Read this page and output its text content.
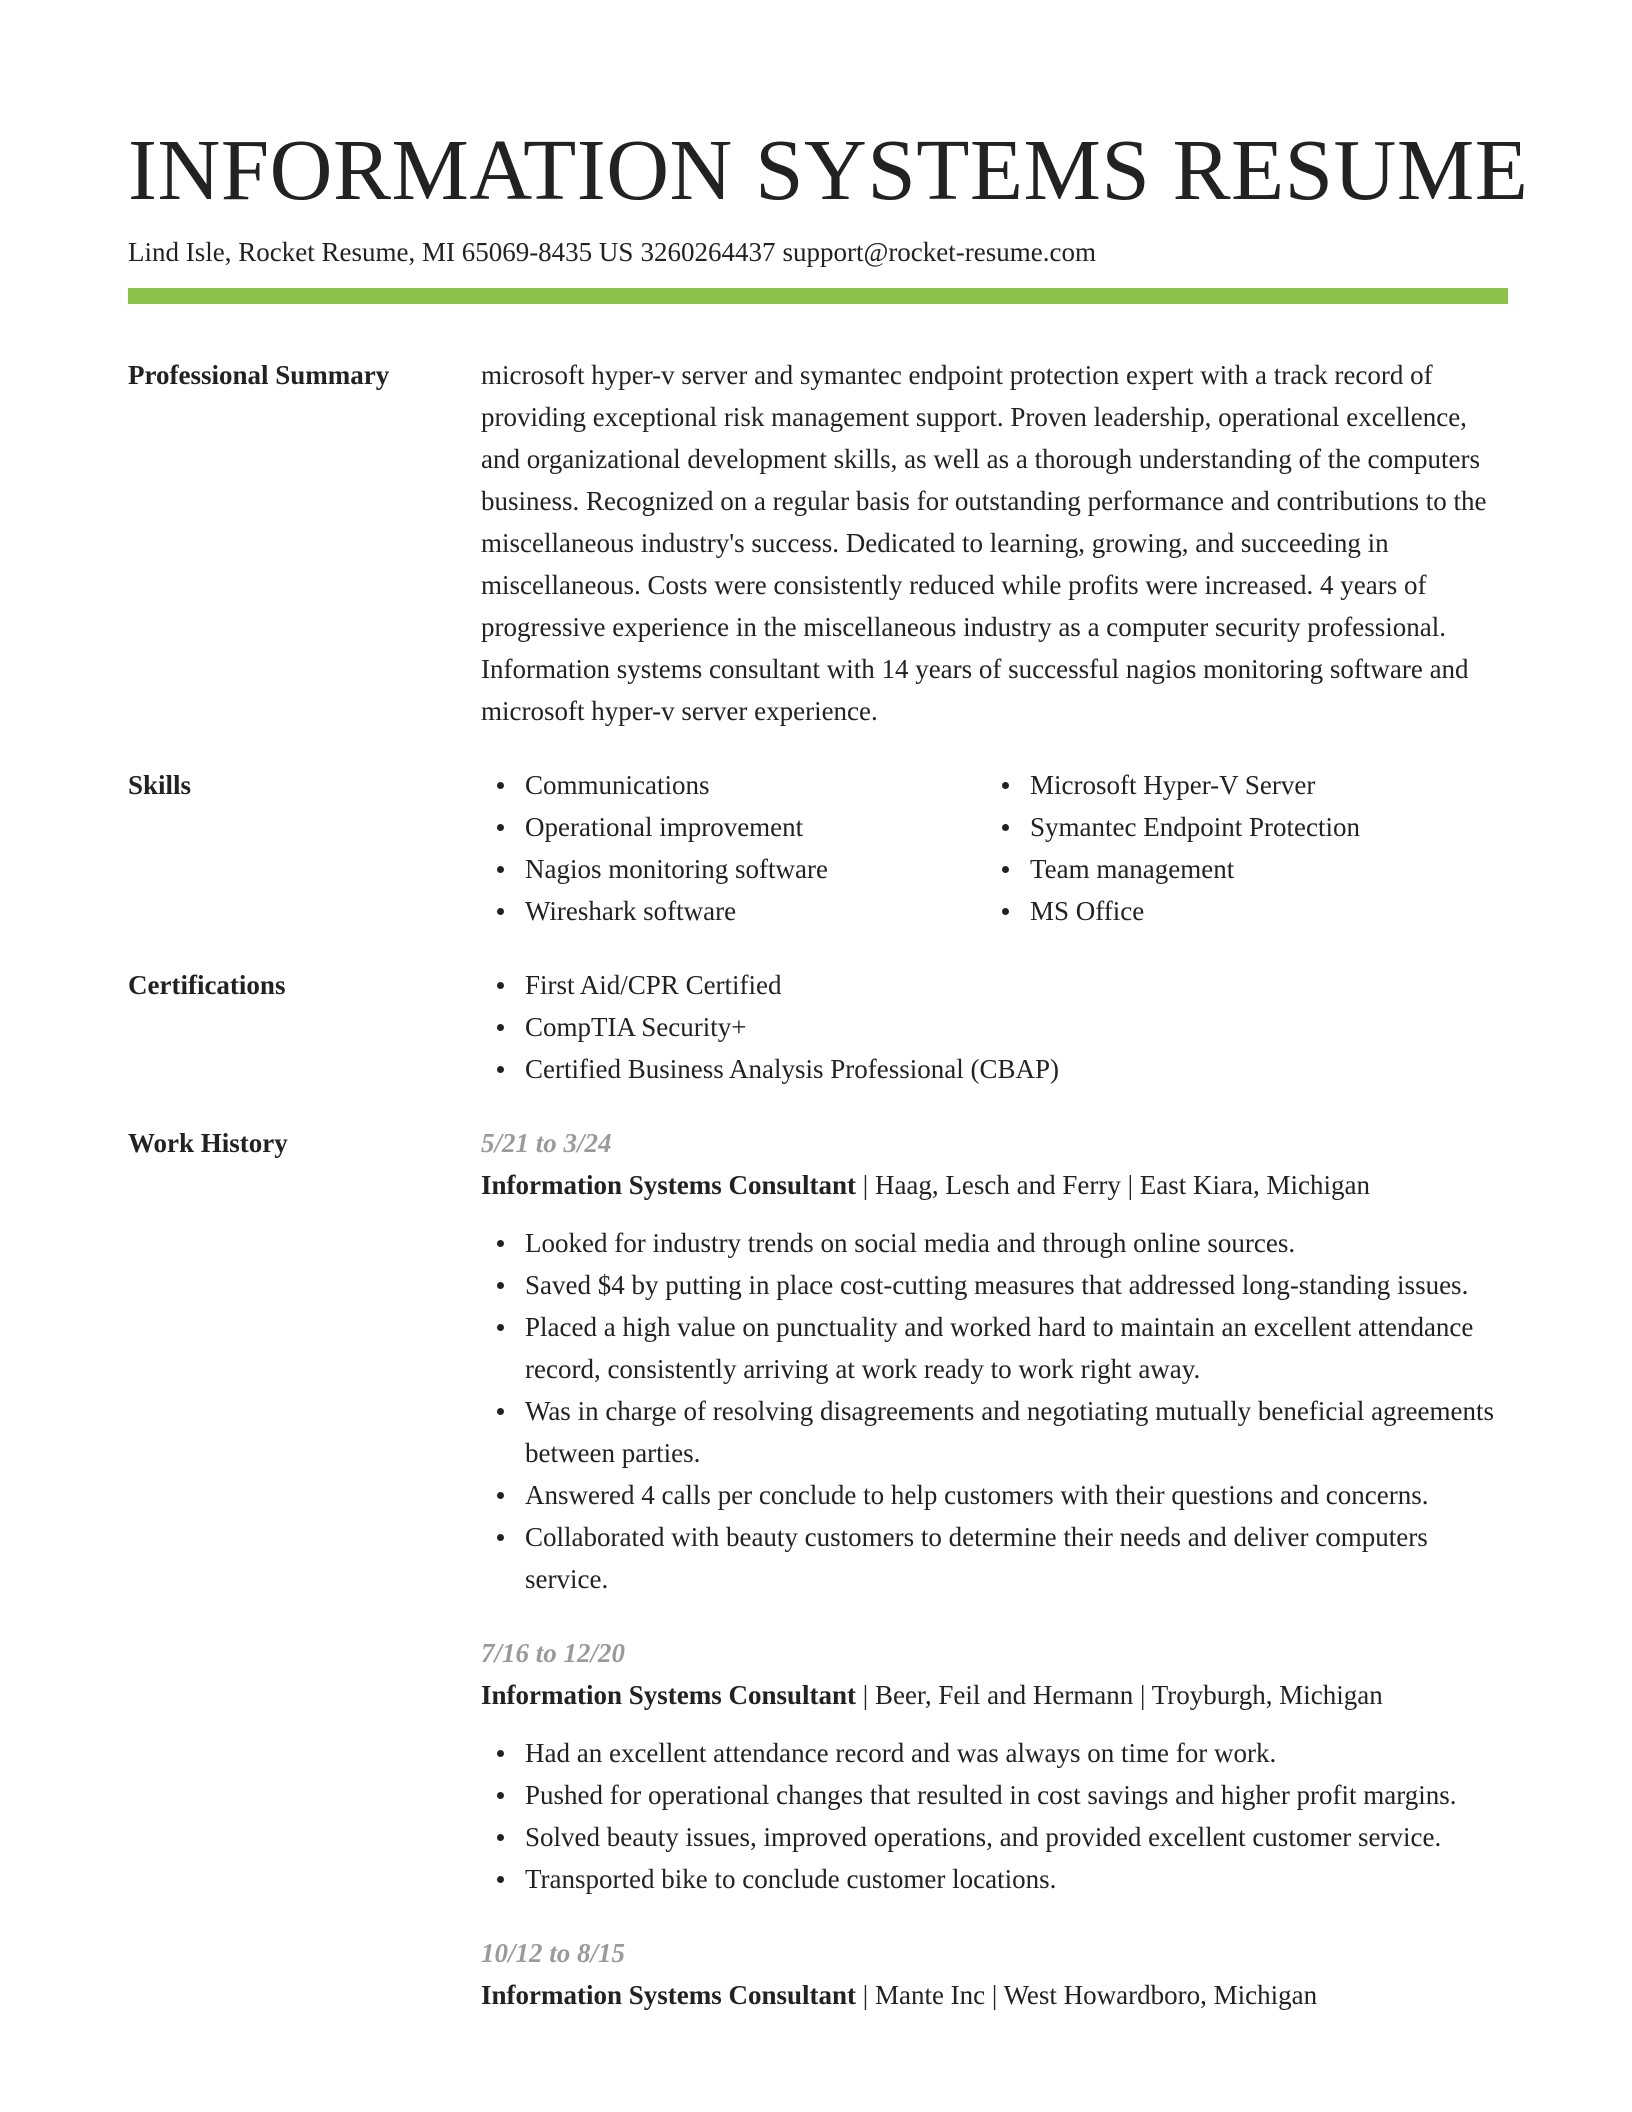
INFORMATION SYSTEMS RESUME
Lind Isle, Rocket Resume, MI 65069-8435 US 3260264437 support@rocket-resume.com
Professional Summary	microsoft hyper-v server and symantec endpoint protection expert with a track record of providing exceptional risk management support. Proven leadership, operational excellence, and organizational development skills, as well as a thorough understanding of the computers business. Recognized on a regular basis for outstanding performance and contributions to the miscellaneous industry's success. Dedicated to learning, growing, and succeeding in miscellaneous. Costs were consistently reduced while profits were increased. 4 years of progressive experience in the miscellaneous industry as a computer security professional. Information systems consultant with 14 years of successful nagios monitoring software and microsoft hyper-v server experience.
Skills	Communications
Operational improvement
Nagios monitoring software
Wireshark software
Microsoft Hyper-V Server
Symantec Endpoint Protection
Team management
MS Office
Certifications	First Aid/CPR Certified
CompTIA Security+
Certified Business Analysis Professional (CBAP)
Work History	5/21 to 3/24
Information Systems Consultant | Haag, Lesch and Ferry | East Kiara, Michigan
Looked for industry trends on social media and through online sources.
Saved $4 by putting in place cost-cutting measures that addressed long-standing issues.
Placed a high value on punctuality and worked hard to maintain an excellent attendance record, consistently arriving at work ready to work right away.
Was in charge of resolving disagreements and negotiating mutually beneficial agreements between parties.
Answered 4 calls per conclude to help customers with their questions and concerns.
Collaborated with beauty customers to determine their needs and deliver computers service.
7/16 to 12/20
Information Systems Consultant | Beer, Feil and Hermann | Troyburgh, Michigan
Had an excellent attendance record and was always on time for work.
Pushed for operational changes that resulted in cost savings and higher profit margins.
Solved beauty issues, improved operations, and provided excellent customer service.
Transported bike to conclude customer locations.
10/12 to 8/15
Information Systems Consultant | Mante Inc | West Howardboro, Michigan
